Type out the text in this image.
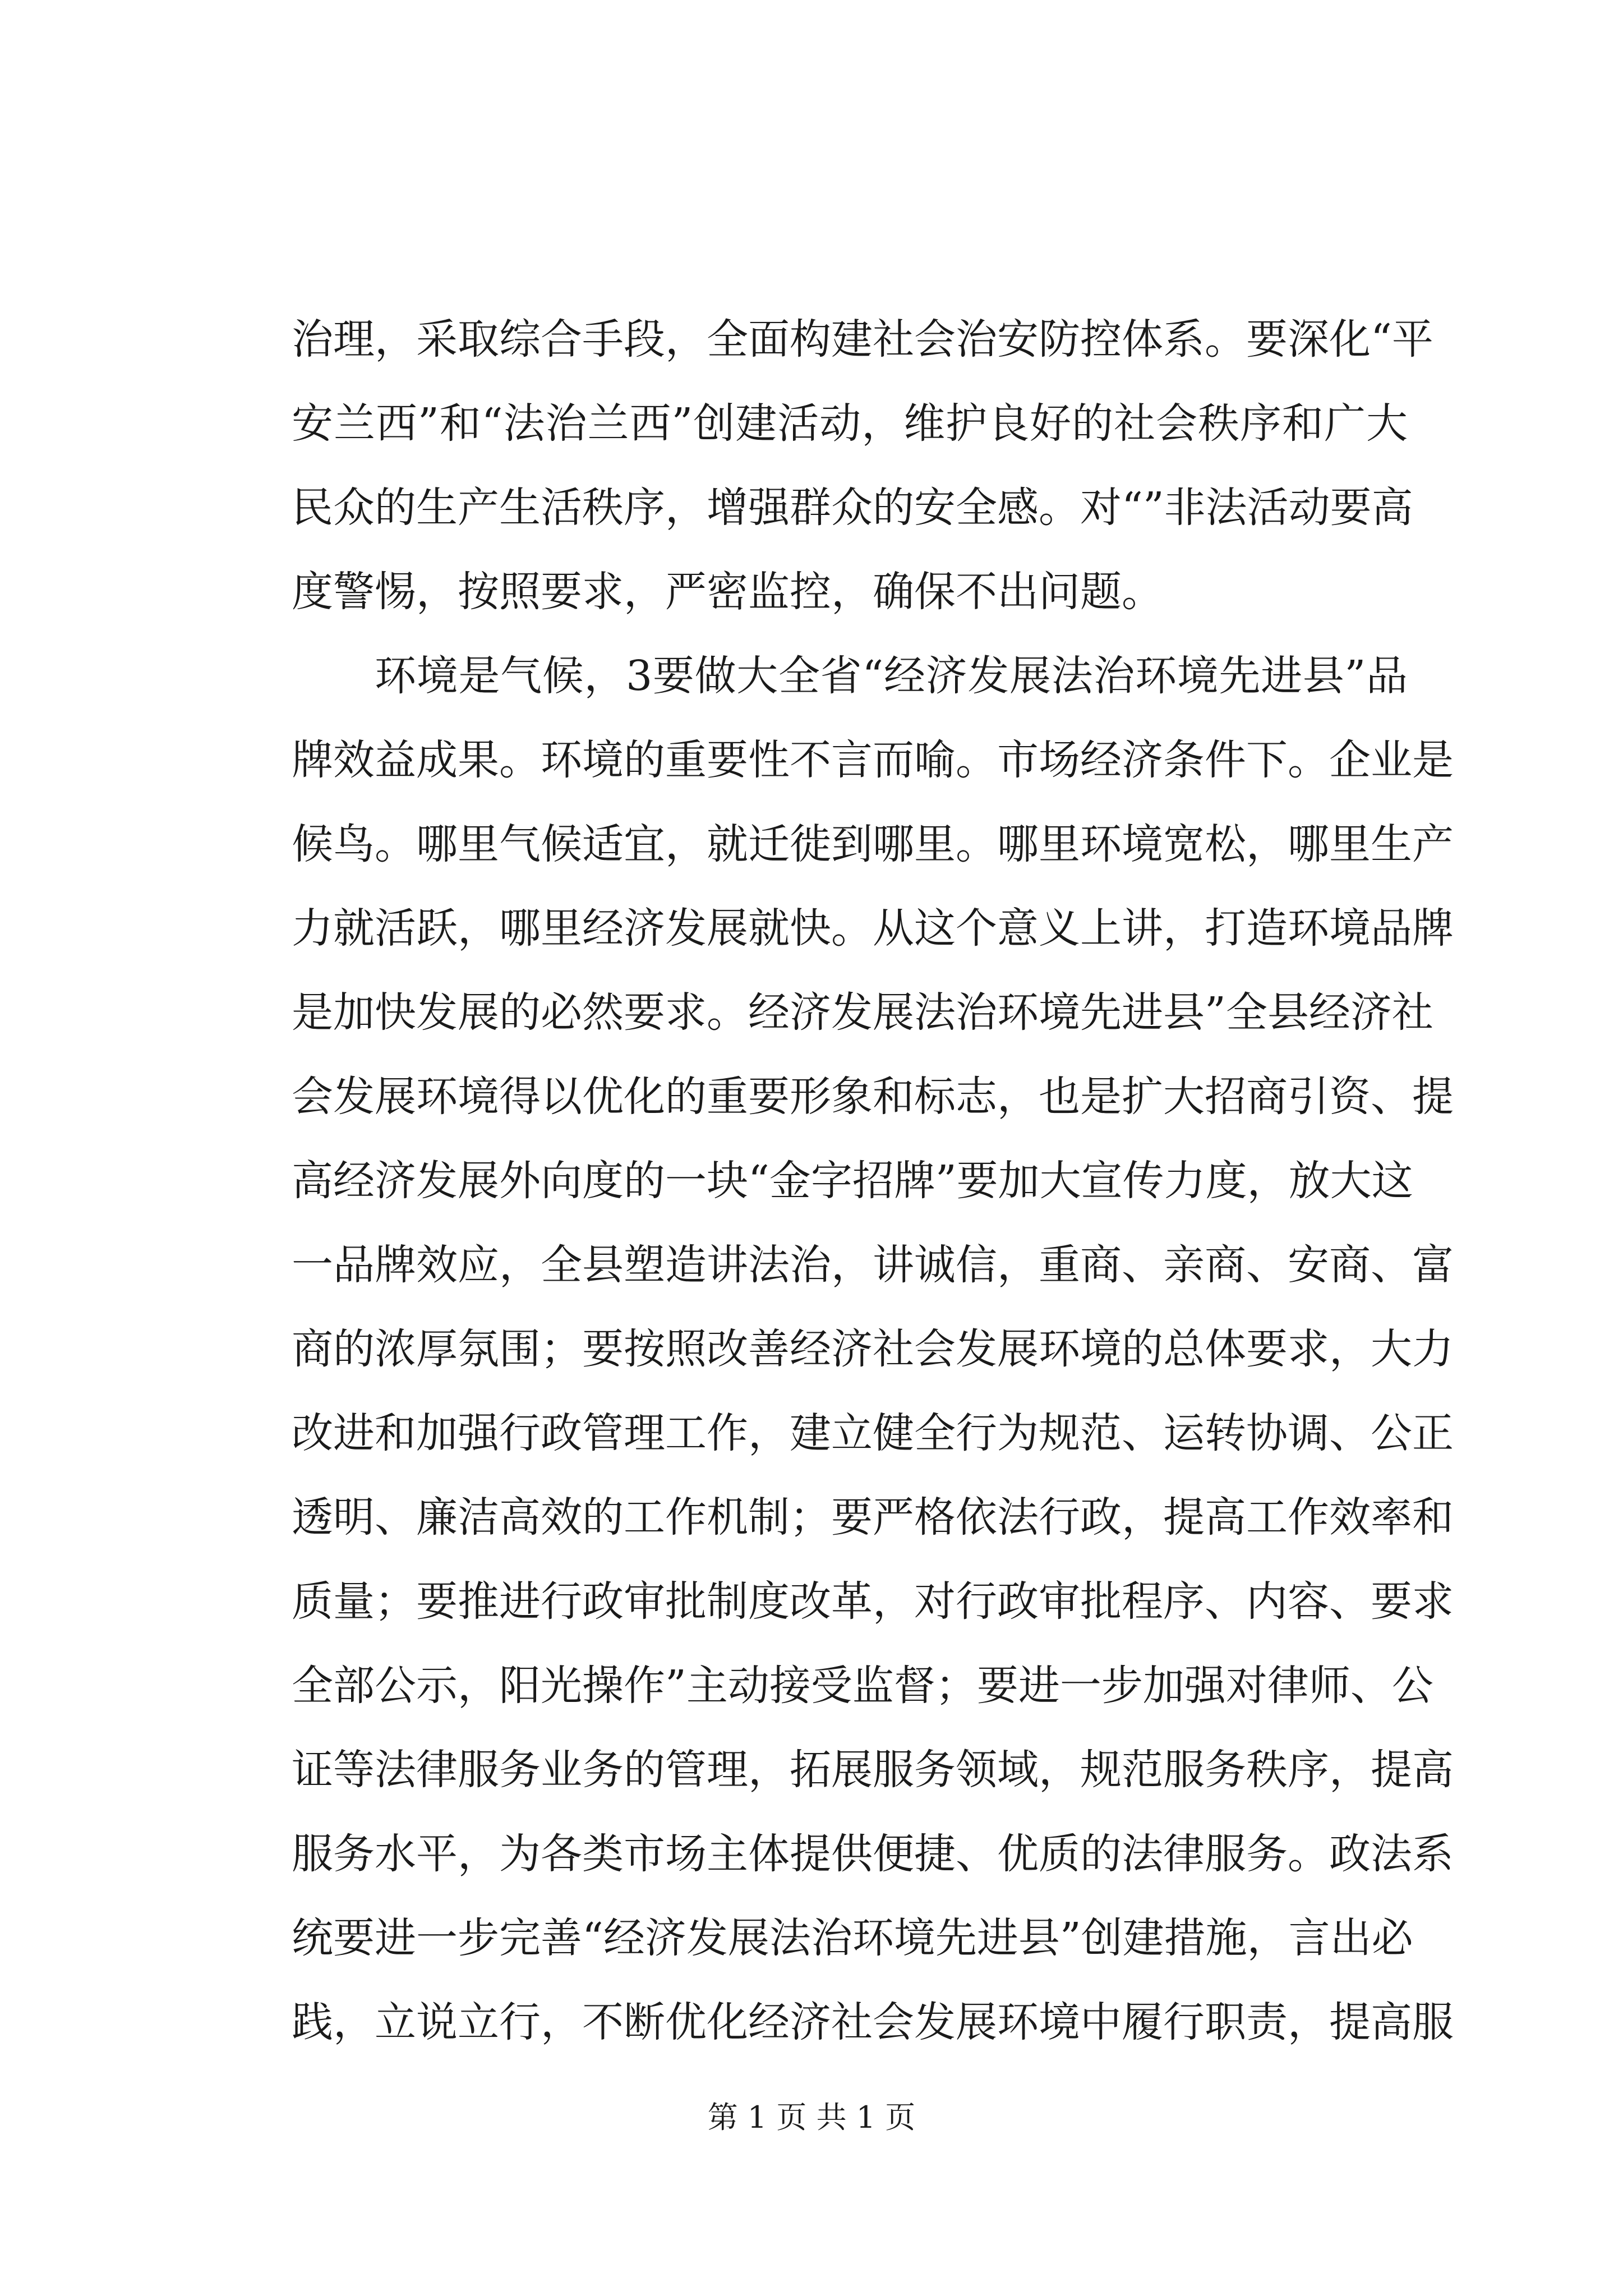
治理，采取综合手段，全面构建社会治安防控体系。要深化“平
安兰西”和“法治兰西”创建活动，维护良好的社会秩序和广大
民众的生产生活秩序，增强群众的安全感。对“”非法活动要高
度警惕，按照要求，严密监控，确保不出问题。
环境是气候，3要做大全省“经济发展法治环境先进县”品
牌效益成果。环境的重要性不言而喻。市场经济条件下。企业是
候鸟。哪里气候适宜，就迁徙到哪里。哪里环境宽松，哪里生产
力就活跃，哪里经济发展就快。从这个意义上讲，打造环境品牌
是加快发展的必然要求。经济发展法治环境先进县”全县经济社
会发展环境得以优化的重要形象和标志，也是扩大招商引资、提
高经济发展外向度的一块“金字招牌”要加大宣传力度，放大这
一品牌效应，全县塑造讲法治，讲诚信，重商、亲商、安商、富
商的浓厚氛围；要按照改善经济社会发展环境的总体要求，大力
改进和加强行政管理工作，建立健全行为规范、运转协调、公正
透明、廉洁高效的工作机制；要严格依法行政，提高工作效率和
质量；要推进行政审批制度改革，对行政审批程序、内容、要求
全部公示，阳光操作”主动接受监督；要进一步加强对律师、公
证等法律服务业务的管理，拓展服务领域，规范服务秩序，提高
服务水平，为各类市场主体提供便捷、优质的法律服务。政法系
统要进一步完善“经济发展法治环境先进县”创建措施，言出必
践，立说立行，不断优化经济社会发展环境中履行职责，提高服
第 1 页 共 1 页
